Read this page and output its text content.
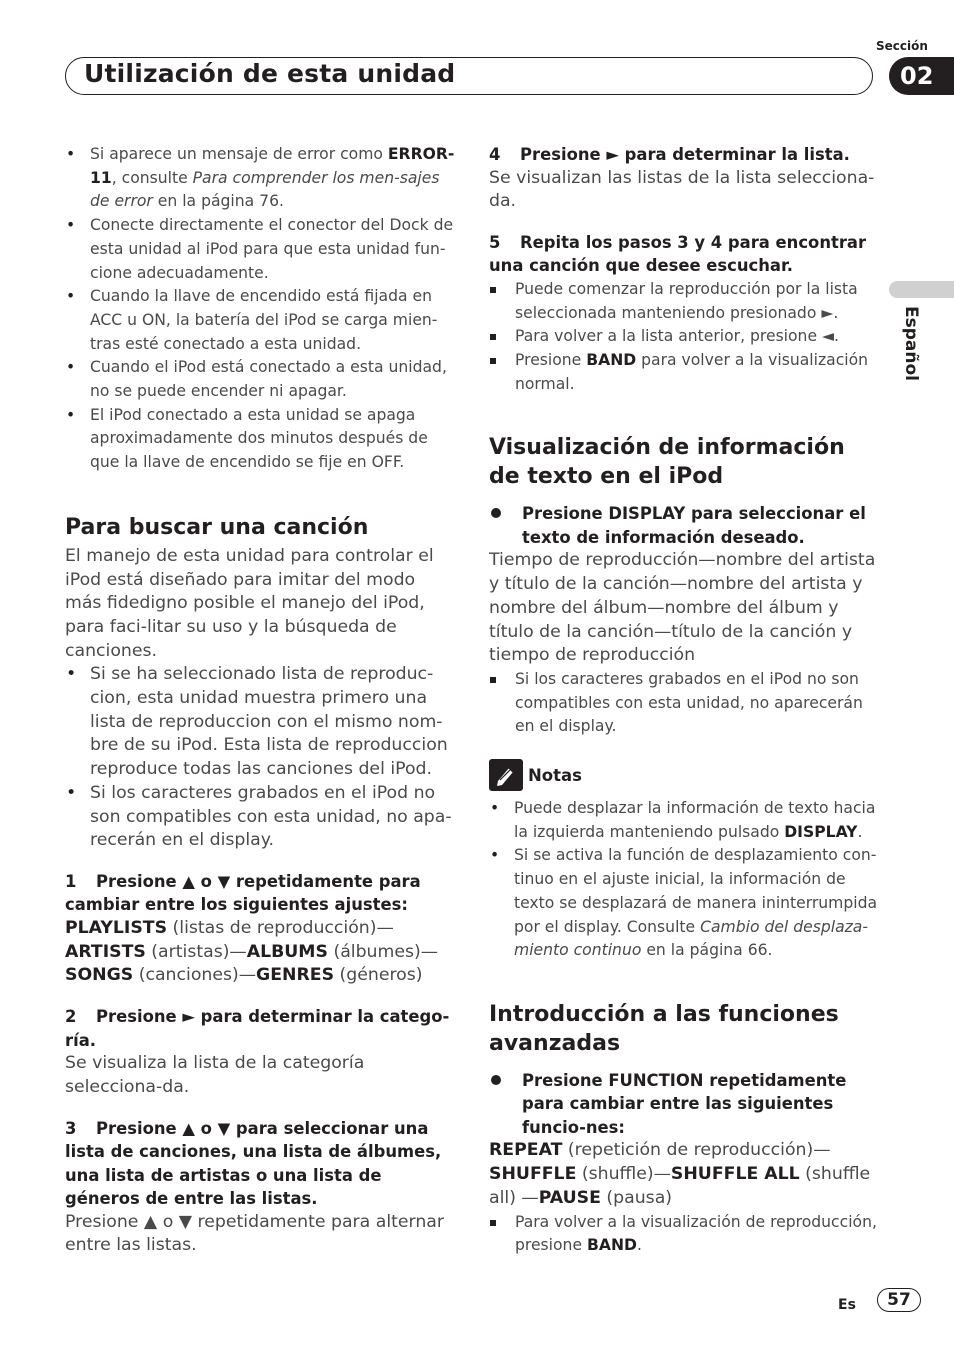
Sección
Utilización de esta unidad	02
Español
• Si aparece un mensaje de error como ERROR-11, consulte Para comprender los men-sajes de error en la página 76.
• Conecte directamente el conector del Dock de esta unidad al iPod para que esta unidad fun-cione adecuadamente.
• Cuando la llave de encendido está fijada en ACC u ON, la batería del iPod se carga mien-tras esté conectado a esta unidad.
• Cuando el iPod está conectado a esta unidad, no se puede encender ni apagar.
• El iPod conectado a esta unidad se apaga aproximadamente dos minutos después de que la llave de encendido se fije en OFF.
Para buscar una canción
El manejo de esta unidad para controlar el iPod está diseñado para imitar del modo más fidedigno posible el manejo del iPod, para faci-litar su uso y la búsqueda de canciones.
• Si se ha seleccionado lista de reproduc-cion, esta unidad muestra primero una lista de reproduccion con el mismo nom-bre de su iPod. Esta lista de reproduccion reproduce todas las canciones del iPod.
• Si los caracteres grabados en el iPod no son compatibles con esta unidad, no apa-recerán en el display.
1 Presione ▲ o ▼ repetidamente para cambiar entre los siguientes ajustes:
PLAYLISTS (listas de reproducción)—ARTISTS (artistas)—ALBUMS (álbumes)—SONGS (canciones)—GENRES (géneros)
2 Presione ► para determinar la catego-ría.
Se visualiza la lista de la categoría selecciona-da.
3 Presione ▲ o ▼ para seleccionar una lista de canciones, una lista de álbumes, una lista de artistas o una lista de géneros de entre las listas.
Presione ▲ o ▼ repetidamente para alternar entre las listas.
4 Presione ► para determinar la lista.
Se visualizan las listas de la lista selecciona-da.
5 Repita los pasos 3 y 4 para encontrar una canción que desee escuchar.
Puede comenzar la reproducción por la lista seleccionada manteniendo presionado ►.
Para volver a la lista anterior, presione ◄.
Presione BAND para volver a la visualización normal.
Visualización de información de texto en el iPod
Presione DISPLAY para seleccionar el texto de información deseado.
Tiempo de reproducción—nombre del artista y título de la canción—nombre del artista y nombre del álbum—nombre del álbum y título de la canción—título de la canción y tiempo de reproducción
Si los caracteres grabados en el iPod no son compatibles con esta unidad, no aparecerán en el display.
Notas
• Puede desplazar la información de texto hacia la izquierda manteniendo pulsado DISPLAY.
• Si se activa la función de desplazamiento con-tinuo en el ajuste inicial, la información de texto se desplazará de manera ininterrumpida por el display. Consulte Cambio del desplaza-miento continuo en la página 66.
Introducción a las funciones avanzadas
Presione FUNCTION repetidamente para cambiar entre las siguientes funcio-nes:
REPEAT (repetición de reproducción)—SHUFFLE (shuffle)—SHUFFLE ALL (shuffle all) —PAUSE (pausa)
Para volver a la visualización de reproducción, presione BAND.
Es	57
